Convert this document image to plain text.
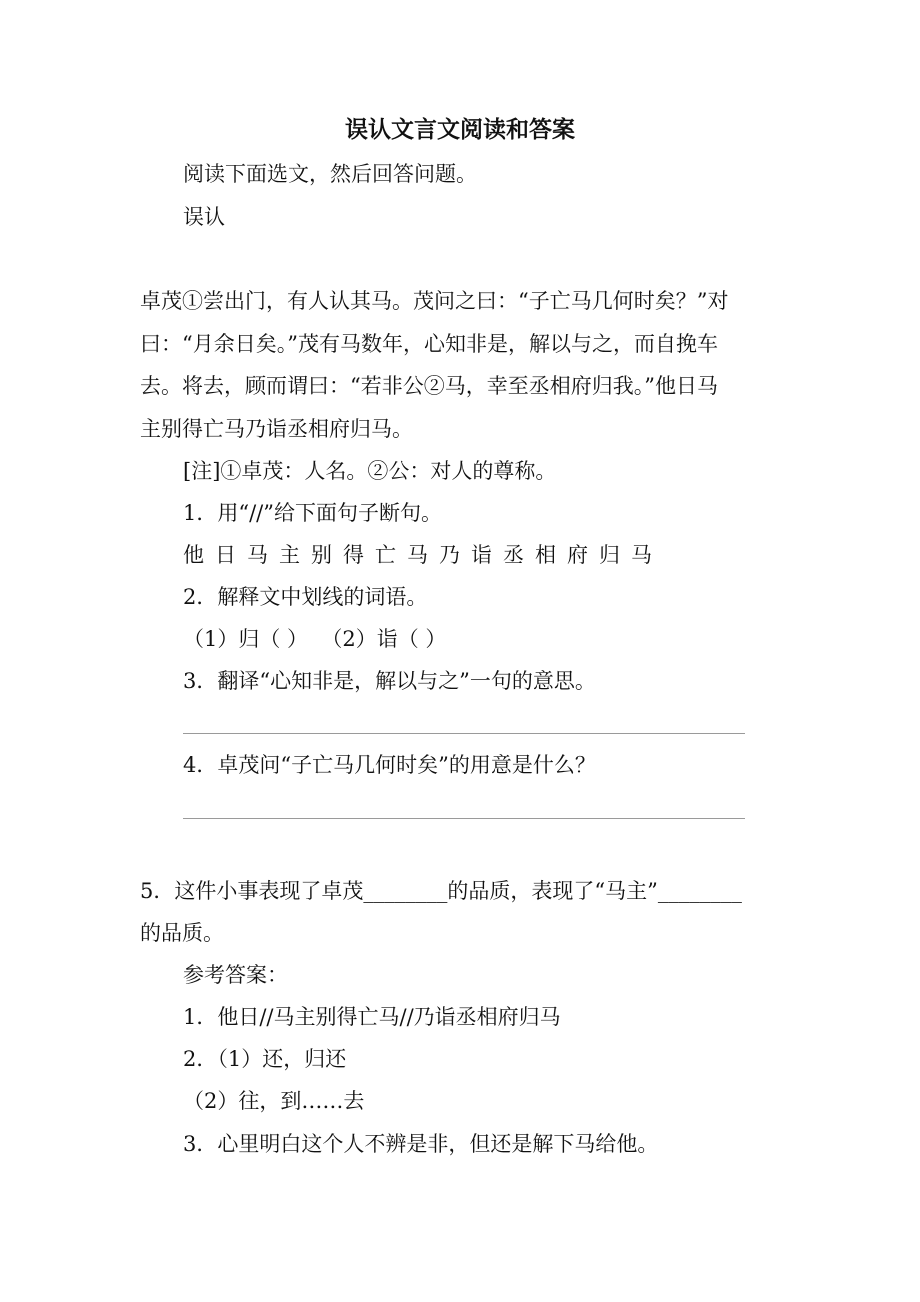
误认文言文阅读和答案
阅读下面选文，然后回答问题。
误认
卓茂①尝出门，有人认其马。茂问之曰：“子亡马几何时矣？”对
曰：“月余日矣。”茂有马数年，心知非是，解以与之，而自挽车
去。将去，顾而谓曰：“若非公②马，幸至丞相府归我。”他日马
主别得亡马乃诣丞相府归马。
[注]①卓茂：人名。②公：对人的尊称。
1．用“//”给下面句子断句。
他日马主别得亡马乃诣丞相府归马
2．解释文中划线的词语。
（1）归（ ）  （2）诣（ ）
3．翻译“心知非是，解以与之”一句的意思。
4．卓茂问“子亡马几何时矣”的用意是什么？
5．这件小事表现了卓茂________的品质，表现了“马主”________
的品质。
参考答案：
1．他日//马主别得亡马//乃诣丞相府归马
2．（1）还，归还
（2）往，到……去
3．心里明白这个人不辨是非，但还是解下马给他。
